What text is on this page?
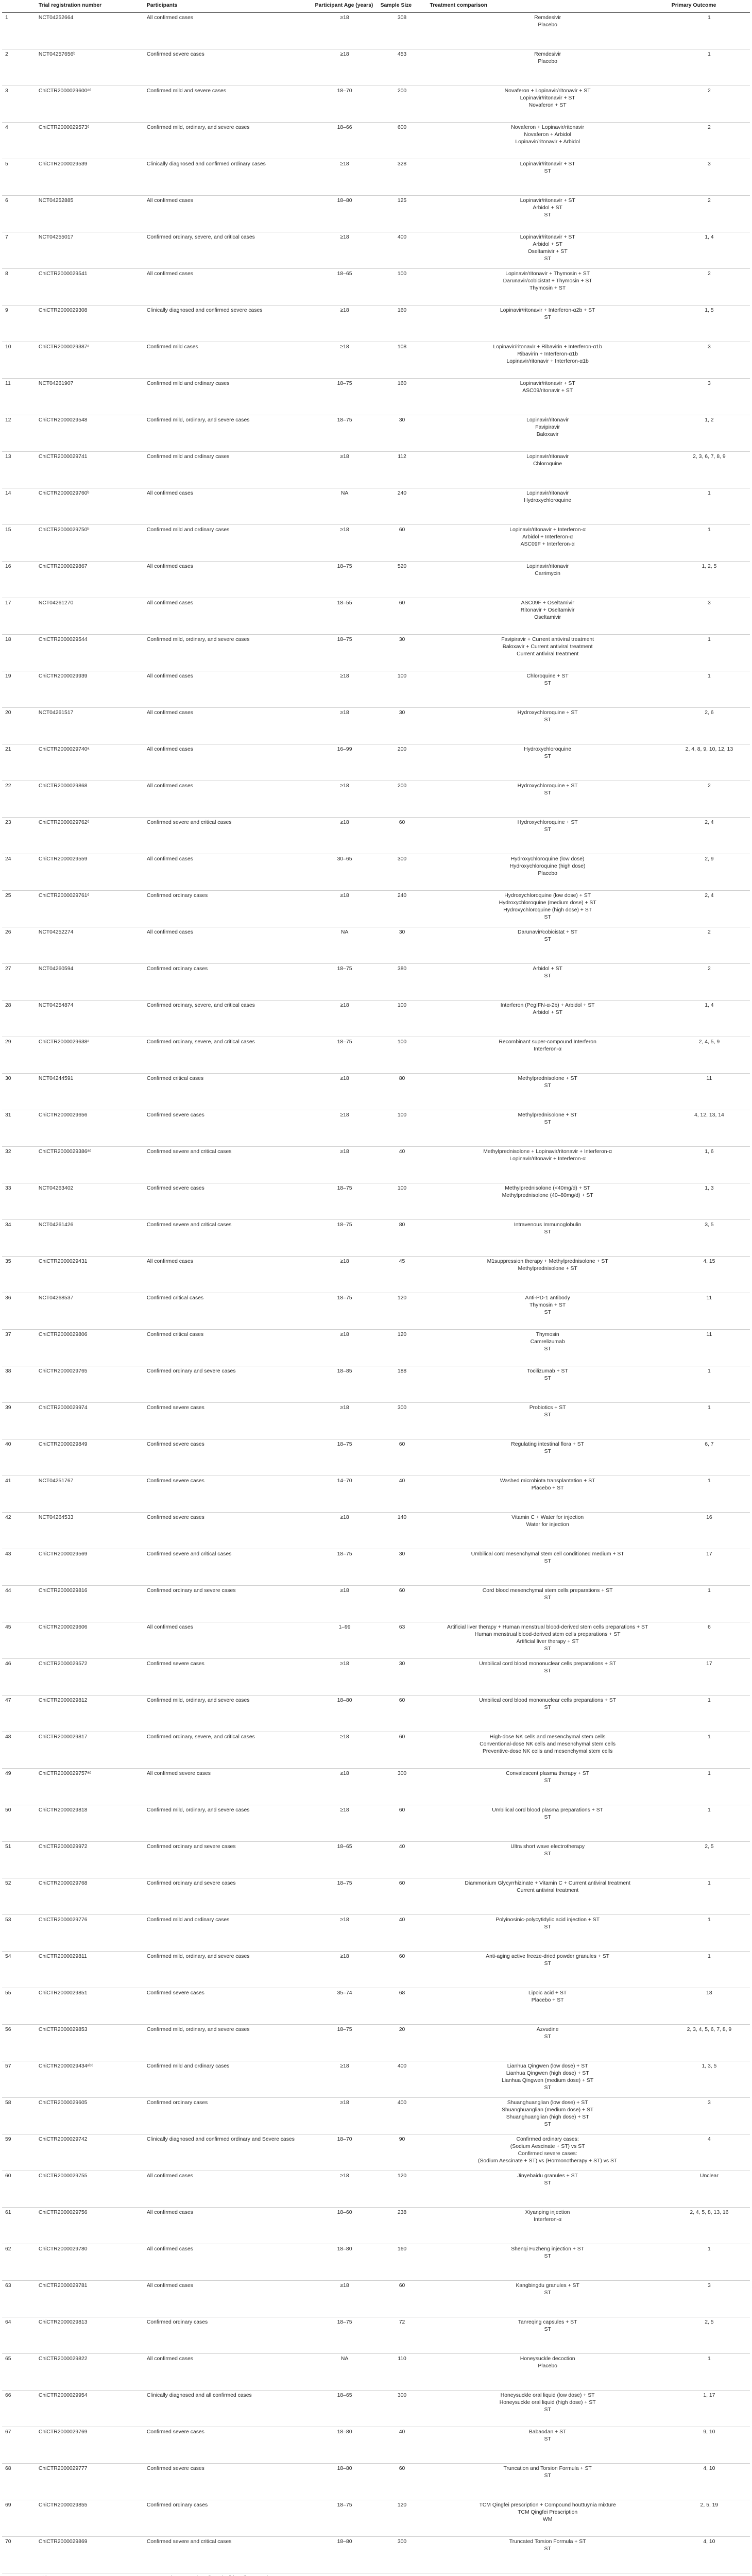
	Trial registration number	Participants	Participant Age (years)	Sample Size	Treatment comparison	Primary Outcome
1	NCT04252664	All confirmed cases	≥18	308	Remdesivir
Placebo	1
2	NCT04257656ᵇ	Confirmed severe cases	≥18	453	Remdesivir
Placebo	1
3	ChiCTR2000029600ᵃᵈ	Confirmed mild and severe cases	18–70	200	Novaferon + Lopinavir/ritonavir + ST
Lopinavir/ritonavir + ST
Novaferon + ST	2
4	ChiCTR2000029573ᵈ	Confirmed mild, ordinary, and severe cases	18–66	600	Novaferon + Lopinavir/ritonavir
Novaferon + Arbidol
Lopinavir/ritonavir + Arbidol	2
5	ChiCTR2000029539	Clinically diagnosed and confirmed ordinary cases	≥18	328	Lopinavir/ritonavir + ST
ST	3
6	NCT04252885	All confirmed cases	18–80	125	Lopinavir/ritonavir + ST
Arbidol + ST
ST	2
7	NCT04255017	Confirmed ordinary, severe, and critical cases	≥18	400	Lopinavir/ritonavir + ST
Arbidol + ST
Oseltamivir + ST
ST	1, 4
8	ChiCTR2000029541	All confirmed cases	18–65	100	Lopinavir/ritonavir + Thymosin + ST
Darunavir/cobicistat + Thymosin + ST
Thymosin + ST	2
9	ChiCTR2000029308	Clinically diagnosed and confirmed severe cases	≥18	160	Lopinavir/ritonavir + Interferon-α2b + ST
ST	1, 5
10	ChiCTR2000029387ᵃ	Confirmed mild cases	≥18	108	Lopinavir/ritonavir + Ribavirin + Interferon-α1b
Ribavirin + Interferon-α1b
Lopinavir/ritonavir + Interferon-α1b	3
11	NCT04261907	Confirmed mild and ordinary cases	18–75	160	Lopinavir/ritonavir + ST
ASC09/ritonavir + ST	3
12	ChiCTR2000029548	Confirmed mild, ordinary, and severe cases	18–75	30	Lopinavir/ritonavir
Favipiravir
Baloxavir	1, 2
13	ChiCTR2000029741	Confirmed mild and ordinary cases	≥18	112	Lopinavir/ritonavir
Chloroquine	2, 3, 6, 7, 8, 9
14	ChiCTR2000029760ᵇ	All confirmed cases	NA	240	Lopinavir/ritonavir
Hydroxychloroquine	1
15	ChiCTR2000029750ᵇ	Confirmed mild and ordinary cases	≥18	60	Lopinavir/ritonavir + Interferon-α
Arbidol + Interferon-α
ASC09F + Interferon-α	1
16	ChiCTR2000029867	All confirmed cases	18–75	520	Lopinavir/ritonavir
Carrimycin	1, 2, 5
17	NCT04261270	All confirmed cases	18–55	60	ASC09F + Oseltamivir
Ritonavir + Oseltamivir
Oseltamivir	3
18	ChiCTR2000029544	Confirmed mild, ordinary, and severe cases	18–75	30	Favipiravir + Current antiviral treatment
Baloxavir + Current antiviral treatment
Current antiviral treatment	1
19	ChiCTR2000029939	All confirmed cases	≥18	100	Chloroquine + ST
ST	1
20	NCT04261517	All confirmed cases	≥18	30	Hydroxychloroquine + ST
ST	2, 6
21	ChiCTR2000029740ᵃ	All confirmed cases	16–99	200	Hydroxychloroquine
ST	2, 4, 8, 9, 10, 12, 13
22	ChiCTR2000029868	All confirmed cases	≥18	200	Hydroxychloroquine + ST
ST	2
23	ChiCTR2000029762ᵈ	Confirmed severe and critical cases	≥18	60	Hydroxychloroquine + ST
ST	2, 4
24	ChiCTR2000029559	All confirmed cases	30–65	300	Hydroxychloroquine (low dose)
Hydroxychloroquine (high dose)
Placebo	2, 9
25	ChiCTR2000029761ᵈ	Confirmed ordinary cases	≥18	240	Hydroxychloroquine (low dose) + ST
Hydroxychloroquine (medium dose) + ST
Hydroxychloroquine (high dose) + ST
ST	2, 4
26	NCT04252274	All confirmed cases	NA	30	Darunavir/cobicistat + ST
ST	2
27	NCT04260594	Confirmed ordinary cases	18–75	380	Arbidol + ST
ST	2
28	NCT04254874	Confirmed ordinary, severe, and critical cases	≥18	100	Interferon (PegIFN-α-2b) + Arbidol + ST
Arbidol + ST	1, 4
29	ChiCTR2000029638ᵃ	Confirmed ordinary, severe, and critical cases	18–75	100	Recombinant super-compound Interferon
Interferon-α	2, 4, 5, 9
30	NCT04244591	Confirmed critical cases	≥18	80	Methylprednisolone + ST
ST	11
31	ChiCTR2000029656	Confirmed severe cases	≥18	100	Methylprednisolone + ST
ST	4, 12, 13, 14
32	ChiCTR2000029386ᵃᵈ	Confirmed severe and critical cases	≥18	40	Methylprednisolone + Lopinavir/ritonavir + Interferon-α
Lopinavir/ritonavir + Interferon-α	1, 6
33	NCT04263402	Confirmed severe cases	18–75	100	Methylprednisolone (<40mg/d) + ST
Methylprednisolone (40–80mg/d) + ST	1, 3
34	NCT04261426	Confirmed severe and critical cases	18–75	80	Intravenous Immunoglobulin
ST	3, 5
35	ChiCTR2000029431	All confirmed cases	≥18	45	M1suppression therapy + Methylprednisolone + ST
Methylprednisolone + ST	4, 15
36	NCT04268537	Confirmed critical cases	18–75	120	Anti-PD-1 antibody
Thymosin + ST
ST	11
37	ChiCTR2000029806	Confirmed critical cases	≥18	120	Thymosin
Camrelizumab
ST	11
38	ChiCTR2000029765	Confirmed ordinary and severe cases	18–85	188	Tocilizumab + ST
ST	1
39	ChiCTR2000029974	Confirmed severe cases	≥18	300	Probiotics + ST
ST	1
40	ChiCTR2000029849	Confirmed severe cases	18–75	60	Regulating intestinal flora + ST
ST	6, 7
41	NCT04251767	Confirmed severe cases	14–70	40	Washed microbiota transplantation + ST
Placebo + ST	1
42	NCT04264533	Confirmed severe cases	≥18	140	Vitamin C + Water for injection
Water for injection	16
43	ChiCTR2000029569	Confirmed severe and critical cases	18–75	30	Umbilical cord mesenchymal stem cell conditioned medium + ST
ST	17
44	ChiCTR2000029816	Confirmed ordinary and severe cases	≥18	60	Cord blood mesenchymal stem cells preparations + ST
ST	1
45	ChiCTR2000029606	All confirmed cases	1–99	63	Artificial liver therapy + Human menstrual blood-derived stem cells preparations + ST
Human menstrual blood-derived stem cells preparations + ST
Artificial liver therapy + ST
ST	6
46	ChiCTR2000029572	Confirmed severe cases	≥18	30	Umbilical cord blood mononuclear cells preparations + ST
ST	17
47	ChiCTR2000029812	Confirmed mild, ordinary, and severe cases	18–80	60	Umbilical cord blood mononuclear cells preparations + ST
ST	1
48	ChiCTR2000029817	Confirmed ordinary, severe, and critical cases	≥18	60	High-dose NK cells and mesenchymal stem cells
Conventional-dose NK cells and mesenchymal stem cells
Preventive-dose NK cells and mesenchymal stem cells	1
49	ChiCTR2000029757ᵃᵈ	All confirmed severe cases	≥18	300	Convalescent plasma therapy + ST
ST	1
50	ChiCTR2000029818	Confirmed mild, ordinary, and severe cases	≥18	60	Umbilical cord blood plasma preparations + ST
ST	1
51	ChiCTR2000029972	Confirmed ordinary and severe cases	18–65	40	Ultra short wave electrotherapy
ST	2, 5
52	ChiCTR2000029768	Confirmed ordinary and severe cases	18–75	60	Diammonium Glycyrrhizinate + Vitamin C + Current antiviral treatment
Current antiviral treatment	1
53	ChiCTR2000029776	Confirmed mild and ordinary cases	≥18	40	Polyinosinic-polycytidylic acid injection + ST
ST	1
54	ChiCTR2000029811	Confirmed mild, ordinary, and severe cases	≥18	60	Anti-aging active freeze-dried powder granules + ST
ST	1
55	ChiCTR2000029851	Confirmed severe cases	35–74	68	Lipoic acid + ST
Placebo + ST	18
56	ChiCTR2000029853	Confirmed mild, ordinary, and severe cases	18–75	20	Azvudine
ST	2, 3, 4, 5, 6, 7, 8, 9
57	ChiCTR2000029434ᵃᵇᵈ	Confirmed mild and ordinary cases	≥18	400	Lianhua Qingwen (low dose) + ST
Lianhua Qingwen (high dose) + ST
Lianhua Qingwen (medium dose) + ST
ST	1, 3, 5
58	ChiCTR2000029605	Confirmed ordinary cases	≥18	400	Shuanghuanglian (low dose) + ST
Shuanghuanglian (medium dose) + ST
Shuanghuanglian (high dose) + ST
ST	3
59	ChiCTR2000029742	Clinically diagnosed and confirmed ordinary and Severe cases	18–70	90	Confirmed ordinary cases:
(Sodium Aescinate + ST) vs ST
Confirmed severe cases:
(Sodium Aescinate + ST) vs (Hormonotherapy + ST) vs ST	4
60	ChiCTR2000029755	All confirmed cases	≥18	120	Jinyebaidu granules + ST
ST	Unclear
61	ChiCTR2000029756	All confirmed cases	18–60	238	Xiyanping injection
Interferon-α	2, 4, 5, 8, 13, 16
62	ChiCTR2000029780	All confirmed cases	18–80	160	Shenqi Fuzheng injection + ST
ST	1
63	ChiCTR2000029781	All confirmed cases	≥18	60	Kangbingdu granules + ST
ST	3
64	ChiCTR2000029813	Confirmed ordinary cases	18–75	72	Tanreqing capsules + ST
ST	2, 5
65	ChiCTR2000029822	All confirmed cases	NA	110	Honeysuckle decoction
Placebo	1
66	ChiCTR2000029954	Clinically diagnosed and all confirmed cases	18–65	300	Honeysuckle oral liquid (low dose) + ST
Honeysuckle oral liquid (high dose) + ST
ST	1, 17
67	ChiCTR2000029769	Confirmed severe cases	18–80	40	Babaodan + ST
ST	9, 10
68	ChiCTR2000029777	Confirmed severe cases	18–80	60	Truncation and Torsion Formula + ST
ST	4, 10
69	ChiCTR2000029855	Confirmed ordinary cases	18–75	120	TCM Qingfei prescription + Compound houttuynia mixture
TCM Qingfei Prescription
WM	2, 5, 19
70	ChiCTR2000029869	Confirmed severe and critical cases	18–80	300	Truncated Torsion Formula + ST
ST	4, 10
